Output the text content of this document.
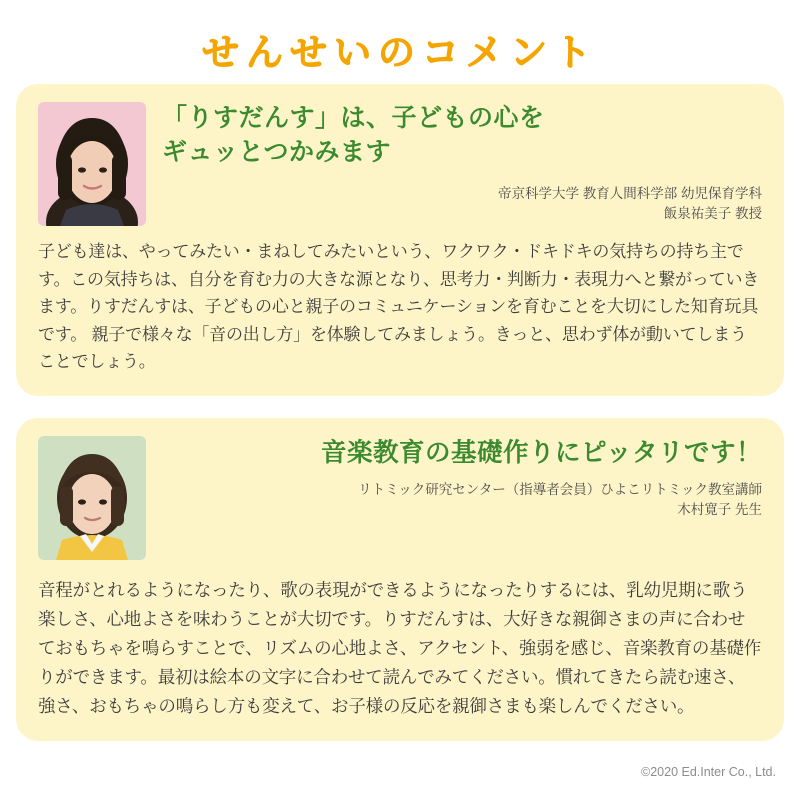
せんせいのコメント
「りすだんす」は、子どもの心を
ギュッとつかみます
帝京科学大学 教育人間科学部 幼児保育学科
飯泉祐美子 教授

子ども達は、やってみたい・まねしてみたいという、ワクワク・ドキドキの気持ちの持ち主です。この気持ちは、自分を育む力の大きな源となり、思考力・判断力・表現力へと繋がっていきます。りすだんすは、子どもの心と親子のコミュニケーションを育むことを大切にした知育玩具です。 親子で様々な「音の出し方」を体験してみましょう。きっと、思わず体が動いてしまうことでしょう。

音楽教育の基礎作りにピッタリです！
リトミック研究センター（指導者会員）ひよこリトミック教室講師
木村寛子 先生

音程がとれるようになったり、歌の表現ができるようになったりするには、乳幼児期に歌う楽しさ、心地よさを味わうことが大切です。りすだんすは、大好きな親御さまの声に合わせておもちゃを鳴らすことで、リズムの心地よさ、アクセント、強弱を感じ、音楽教育の基礎作りができます。最初は絵本の文字に合わせて読んでみてください。慣れてきたら読む速さ、強さ、おもちゃの鳴らし方も変えて、お子様の反応を親御さまも楽しんでください。

©2020 Ed.Inter Co., Ltd.
